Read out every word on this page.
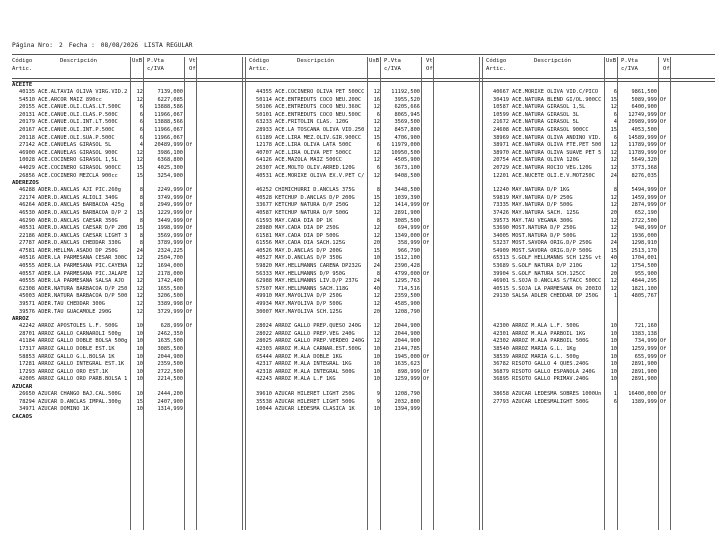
Página Nro: 2 Fecha : 08/08/2026 LISTA REGULAR
Código
Artic.
Descripción	UxB P.Vta
c/IVA
Vt
Of
Código
Artic.
Descripción	UxB P.Vta
c/IVA
Vt
Of
Código
Artic.
Descripción	UxB P.Vta
c/IVA
Vt
Of
ACEITE
40135 ACE.ALTAVIA OLIVA VIRG.VID.2	12	7139,000	44355 ACE.COCINERO OLIVA PET 500CC	12	11192,500	40667 ACE.MORIXE OLIVA VID.C/PICO	6	9861,500
54510 ACE.ARCOR MAIZ 890cc	12	6227,085	50114 ACE.ENTREDUTS COCO NEU.200C	16	3955,520	30419 ACE.NATURA BLEND GI/OL.900CC	15	5089,999 Of
20155 ACE.CAÑUE.OLI.CLAS.LT.500C	6	13888,586	50106 ACE.ENTREDUTS COCO NEU.360C	12	6205,666	10587 ACE.NATURA GIRASOL 1,5L	12	6400,900
20131 ACE.CAÑUE.OLI.CLAS.P.500C	6	11966,067	50101 ACE.ENTREDUTS COCO NEU.500C	6	8065,945	10599 ACE.NATURA GIRASOL 3L	6	12749,999 Of
20179 ACE.CAÑUE.OLI.INT.LT.500C	6	13888,566	63233 ACE.FRITOLIN CLAS. 120G	12	3569,500	21672 ACE.NATURA GIRASOL 5L	4	20989,999 Of
20167 ACE.CAÑUE.OLI.INT.P.500C	6	11966,067	28933 ACE.LA TOSCANA OLIVA VID.250	12	8457,800	24608 ACE.NATURA GIRASOL 900CC	15	4053,500
20118 ACE.CAÑUE.OLI.SUA.P.500C	6	11966,067	61189 ACE.LIRA MEZ.OLIV.GIR.900CC	15	4706,900	38969 ACE.NATURA OLIVA ANDINO VID.	6	14589,999 Of
27142 ACE.CAÑUELAS GIRASOL 5L	4	20489,999 Of	12178 ACE.LIRA OLIVA LATA 500C	6	11979,000	38971 ACE.NATURA OLIVA FTE.PET 500	12	11789,999 Of
46900 ACE.CAÑUELAS GIRASOL 900C	12	3986,100	40707 ACE.LIRA OLIVA PET 500CC	12	10950,500	38970 ACE.NATURA OLIVA SUAVE PET 5	12	11789,999 Of
10028 ACE.COCINERO GIRASOL 1,5L	12	6368,800	64126 ACE.MAZOLA MAIZ 500CC	12	4505,900	20754 ACE.NATURA OLIVA 120G	12	5649,320
44029 ACE.COCINERO GIRASOL 900CC	15	4025,300	26307 ACE.MOLTO OLIV.ARRED.120G	6	3673,100	20729 ACE.NATURA ROCIO VEG.120G	12	3773,368
26856 ACE.COCINERO MEZCLA 900cc	15	3254,900	40531 ACE.MORIXE OLIVA EX.V.PET C/	12	9408,500	12201 ACE.NUCETE OLI.E.V.MOT250C	24	8276,035
ADEREZOS
46288 ADER.D.ANCLAS AJI PIC.260g	8	2249,999 Of	46252 CHIMICHURRI D.ANCLAS 375G	8	3448,500	12240 MAY.NATURA D/P 1KG	8	5494,999 Of
22174 ADER.D.ANCLAS ALIOLI 340G	8	3749,999 Of	40528 KETCHUP D.ANCLAS D/P 200G	15	1039,390	59819 MAY.NATURA D/P 250G	12	1459,999 Of
46264 ADER.D.ANCLAS BARBACOA 425g	8	2949,999 Of	33677 KETCHUP NATURA D/P 250G	12	1414,999 Of	73335 MAY.NATURA D/P 500G	12	2874,999 Of
46530 ADER.D.ANCLAS BARBACOA D/P 2	15	1229,999 Of	40587 KETCHUP NATURA D/P 500G	12	2891,900	37426 MAY.NATURA SACH. 125G	20	652,190
46290 ADER.D.ANCLAS CAESAR 350G	8	3449,999 Of	61593 MAY.CADA DIA DP 1K	8	3085,500	39573 MAY.TAU VEGANA 300G	12	2722,500
40531 ADER.D.ANCLAS CAESAR D/P 200	15	1998,999 Of	28980 MAY.CADA DIA DP 250G	12	694,999 Of	53690 MOST.NATURA D/P 250G	12	948,999 Of
22186 ADER.D.ANCLAS CAESAR LIGHT 3	8	3569,999 Of	61581 MAY.CADA DIA DP 500G	12	1349,000 Of	34005 MOST.NATURA D/P 500G	12	1936,000
27787 ADER.D.ANCLAS CHEDDAR 330G	8	3789,999 Of	61556 MAY.CADA DIA SACH.125G	20	358,999 Of	53237 MOST.SAVORA ORIG.D/P 250G	24	1298,910
47581 ADER.HELLMA.ASADO DP 250G	24	2324,225	40526 MAY.D.ANCLAS D/P 200G	15	966,790	54909 MOST.SAVORA ORIG.D/P 500G	15	2513,170
40516 ADER.LA PARMESANA CESAR 300C	12	2504,700	40527 MAY.D.ANCLAS D/P 350G	10	1512,100	65313 S.GOLF HELLMANNS SCH 125G vt	40	1704,001
40555 ADER.LA PARMESANA PIC.CAYENA	12	1694,000	59820 MAY.HELLMANNS CARENA DP232G	24	2390,428	53689 S.GOLF NATURA D/P 210G	12	1754,500
40557 ADER.LA PARMESANA PIC.JALAPE	12	2178,000	56333 MAY.HELLMANNS D/P 950G	8	4799,000 Of	39904 S.GOLF NATURA SCH.125CC	20	955,900
40555 ADER.LA PARMESANA SALSA AJO	12	1742,400	62988 MAY.HELLMANNS LIV.D/P 237G	24	1295,763	46901 S.SOJA D.ANCLAS S/TACC 500CC	12	4844,295
62308 ADER.NATURA BARBACOA D/P 250	12	1655,500	57507 MAY.HELLMANNS SACH.118G	40	714,516	40515 S.SOJA LA PARMESANA 0% 200IO	12	1821,100
45003 ADER.NATURA BARBACOA D/P 500	12	3206,500	49910 MAY.MAYOLIVA D/P 250G	12	2359,500	29130 SALSA ADLER CHEDDAR DP 250G	1	4805,767
39571 ADER.TAU CHEDDAR 300G	12	3389,998 Of	49934 MAY.MAYOLIVA D/P 500G	12	4585,900
39576 ADER.TAU GUACAMOLE 290G	12	3729,999 Of	30007 MAY.MAYOLIVA SCH.125G	20	1208,790
ARROZ
42242 ARROZ APOSTOLES L.F. 500G	10	628,999 Of	28024 ARROZ GALLO PREP.QUESO 240G	12	2044,900	42300 ARROZ M.ALA L.F. 500G	10	721,160
28701 ARROZ GALLO CARNAROLI 500g	10	2462,350	28022 ARROZ GALLO PREP.VEG 240G	12	2044,900	42301 ARROZ M.ALA PARBOIL 1KG	10	1383,138
41184 ARROZ GALLO DOBLE BOLSA 500g	10	1635,500	28025 ARROZ GALLO PREP.VERDEO 240G	12	2044,900	42302 ARROZ M.ALA PARBOIL 500G	10	734,999 Of
17317 ARROZ GALLO DOBLE EST.1K	10	3085,500	42303 ARROZ M.ALA CARNAR.EST.500G	10	2144,785	38540 ARROZ MARIA G.L. 1Kg	10	1259,999 Of
58853 ARROZ GALLO G.L.BOLSA 1K	10	2044,900	65444 ARROZ M.ALA DOBLE 1KG	10	1945,000 Of	38539 ARROZ MARIA G.L. 500g	10	655,999 Of
17281 ARROZ GALLO INTEGRAL EST.1K	10	2359,500	42317 ARROZ M.ALA INTEGRAL 1KG	10	1635,623	36782 RISOTO GALLO 4 QUES.240G	10	2891,900
17293 ARROZ GALLO ORO EST.1K	10	2722,500	42318 ARROZ M.ALA INTEGRAL 500G	10	898,999 Of	36879 RISOTO GALLO ESPAÑOLA 240G	10	2891,900
42005 ARROZ GALLO ORO PARB.BOLSA 1	10	2214,500	42243 ARROZ M.ALA L.F 1KG	10	1259,999 Of	36895 RISOTO GALLO PRIMAV.240G	10	2891,900
AZUCAR
26650 AZUCAR CHANGO BAJ.CAL.500G	10	2444,200	39610 AZUCAR HILERET LIGHT 250G	9	1208,790	38658 AZUCAR LEDESMA SOBRES 1000Un	1	16400,000 Of
78294 AZUCAR D.ANCLAS IMPAL.300g	15	2407,900	35538 AZUCAR HILERET LIGHT 500G	9	2032,800	27793 AZUCAR LEDESMALIGHT 500G	6	1389,999 Of
34971 AZUCAR DOMINO 1K	10	1314,999	10044 AZUCAR LEDESMA CLASICA 1K	10	1394,999
CACAOS
